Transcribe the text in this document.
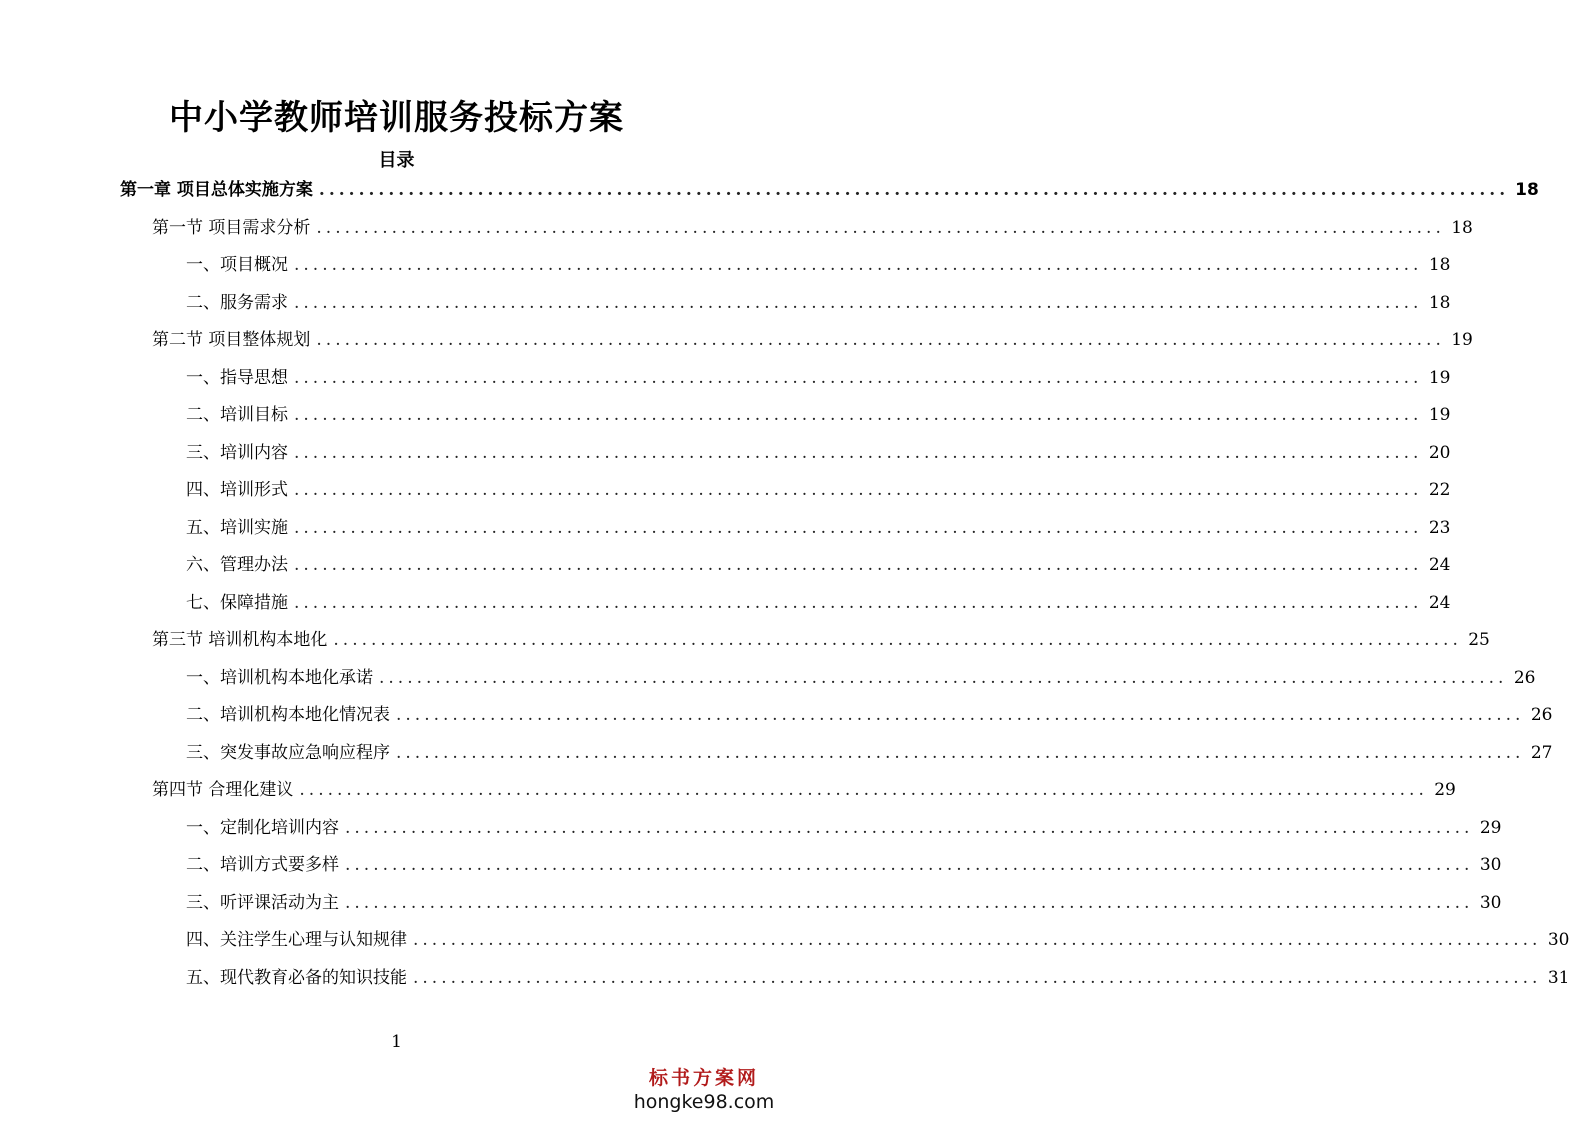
中小学教师培训服务投标方案
目录
第一章 项目总体实施方案 ........................................................................................................................ 18
第一节 项目需求分析 ........................................................................................................................ 18
一、项目概况 ........................................................................................................................ 18
二、服务需求 ........................................................................................................................ 18
第二节 项目整体规划 ........................................................................................................................ 19
一、指导思想 ........................................................................................................................ 19
二、培训目标 ........................................................................................................................ 19
三、培训内容 ........................................................................................................................ 20
四、培训形式 ........................................................................................................................ 22
五、培训实施 ........................................................................................................................ 23
六、管理办法 ........................................................................................................................ 24
七、保障措施 ........................................................................................................................ 24
第三节 培训机构本地化 ........................................................................................................................ 25
一、培训机构本地化承诺 ........................................................................................................................ 26
二、培训机构本地化情况表 ........................................................................................................................ 26
三、突发事故应急响应程序 ........................................................................................................................ 27
第四节 合理化建议 ........................................................................................................................ 29
一、定制化培训内容 ........................................................................................................................ 29
二、培训方式要多样 ........................................................................................................................ 30
三、听评课活动为主 ........................................................................................................................ 30
四、关注学生心理与认知规律 ........................................................................................................................ 30
五、现代教育必备的知识技能 ........................................................................................................................ 31
1
标书方案网
hongke98.com
